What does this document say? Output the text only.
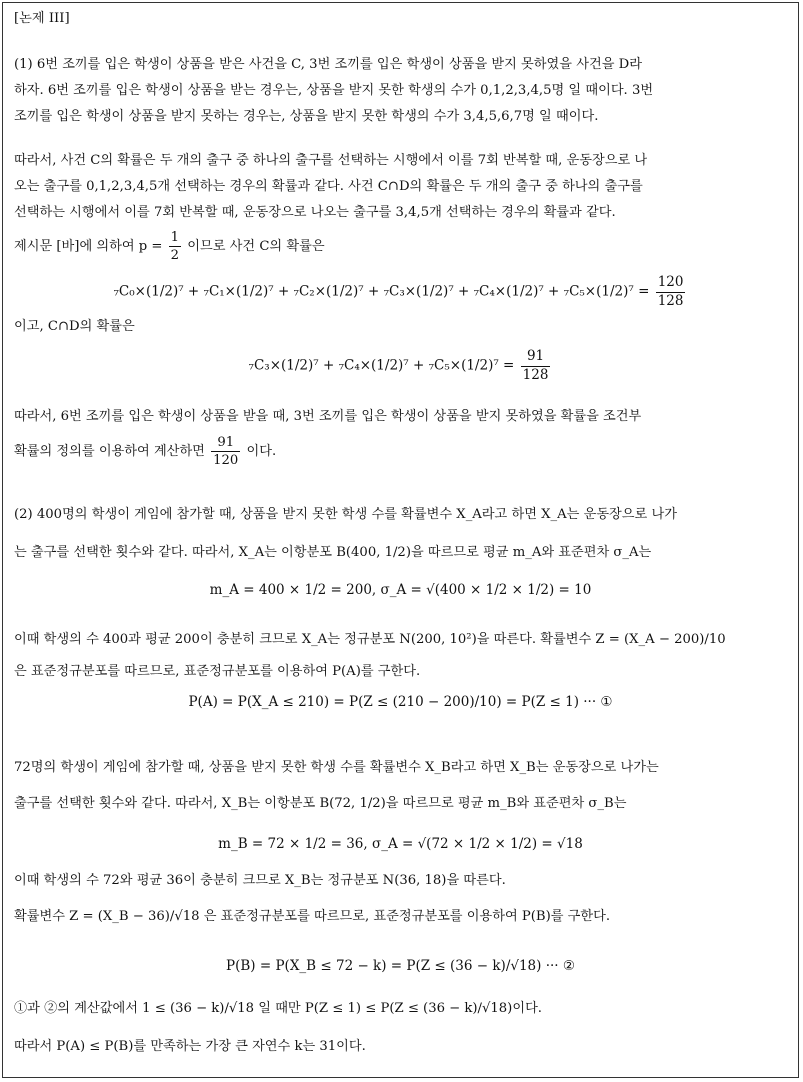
[논제 III]
(1) 6번 조끼를 입은 학생이 상품을 받은 사건을 C, 3번 조끼를 입은 학생이 상품을 받지 못하였을 사건을 D라
하자. 6번 조끼를 입은 학생이 상품을 받는 경우는, 상품을 받지 못한 학생의 수가 0,1,2,3,4,5명 일 때이다. 3번
조끼를 입은 학생이 상품을 받지 못하는 경우는, 상품을 받지 못한 학생의 수가 3,4,5,6,7명 일 때이다.
따라서, 사건 C의 확률은 두 개의 출구 중 하나의 출구를 선택하는 시행에서 이를 7회 반복할 때, 운동장으로 나
오는 출구를 0,1,2,3,4,5개 선택하는 경우의 확률과 같다. 사건 C∩D의 확률은 두 개의 출구 중 하나의 출구를
선택하는 시행에서 이를 7회 반복할 때, 운동장으로 나오는 출구를 3,4,5개 선택하는 경우의 확률과 같다.
제시문 [바]에 의하여 $p = \frac{1}{2}$ 이므로 사건 C의 확률은
$_7C_0\times(1/2)^7 + _7C_1\times(1/2)^7 + _7C_2\times(1/2)^7 + _7C_3\times(1/2)^7 + _7C_4\times(1/2)^7 + _7C_5\times(1/2)^7 = \frac{120}{128}$
이고, C∩D의 확률은
$_7C_3\times(1/2)^7 + _7C_4\times(1/2)^7 + _7C_5\times(1/2)^7 = \frac{91}{128}$
따라서, 6번 조끼를 입은 학생이 상품을 받을 때, 3번 조끼를 입은 학생이 상품을 받지 못하였을 확률을 조건부
확률의 정의를 이용하여 계산하면 $\frac{91}{120}$ 이다.
(2) 400명의 학생이 게임에 참가할 때, 상품을 받지 못한 학생 수를 확률변수 X_A라고 하면 X_A는 운동장으로 나가
는 출구를 선택한 횟수와 같다. 따라서, X_A는 이항분포 B(400, 1/2)을 따르므로 평균 m_A와 표준편차 σ_A는
m_A = 400 × 1/2 = 200, σ_A = √(400 × 1/2 × 1/2) = 10
이때 학생의 수 400과 평균 200이 충분히 크므로 X_A는 정규분포 N(200, 10²)을 따른다. 확률변수 Z = (X_A − 200)/10
은 표준정규분포를 따르므로, 표준정규분포를 이용하여 P(A)를 구한다.
P(A) = P(X_A ≤ 210) = P(Z ≤ (210 − 200)/10) = P(Z ≤ 1) ··· ①
72명의 학생이 게임에 참가할 때, 상품을 받지 못한 학생 수를 확률변수 X_B라고 하면 X_B는 운동장으로 나가는
출구를 선택한 횟수와 같다. 따라서, X_B는 이항분포 B(72, 1/2)을 따르므로 평균 m_B와 표준편차 σ_B는
m_B = 72 × 1/2 = 36, σ_A = √(72 × 1/2 × 1/2) = √18
이때 학생의 수 72와 평균 36이 충분히 크므로 X_B는 정규분포 N(36, 18)을 따른다.
확률변수 Z = (X_B − 36)/√18 은 표준정규분포를 따르므로, 표준정규분포를 이용하여 P(B)를 구한다.
P(B) = P(X_B ≤ 72 − k) = P(Z ≤ (36 − k)/√18) ··· ②
①과 ②의 계산값에서 1 ≤ (36 − k)/√18 일 때만 P(Z ≤ 1) ≤ P(Z ≤ (36 − k)/√18)이다.
따라서 P(A) ≤ P(B)를 만족하는 가장 큰 자연수 k는 31이다.
